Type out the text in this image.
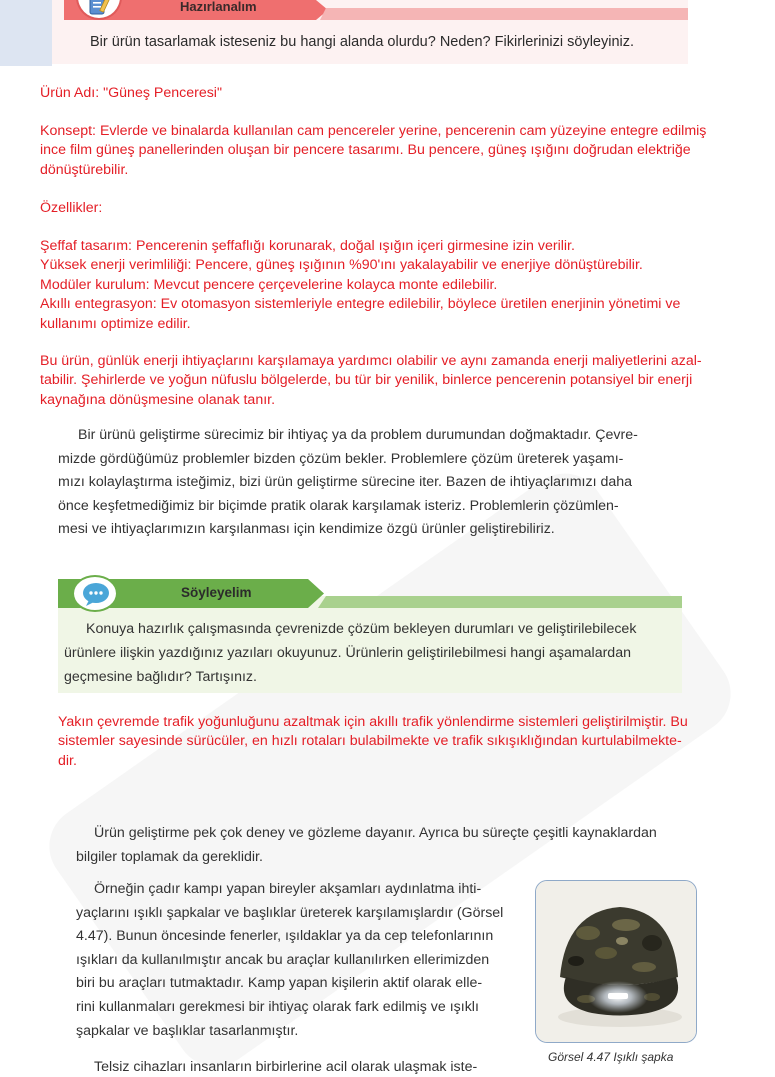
Hazırlanalım
Bir ürün tasarlamak isteseniz bu hangi alanda olurdu? Neden? Fikirlerinizi söyleyiniz.
Ürün Adı: "Güneş Penceresi"
Konsept: Evlerde ve binalarda kullanılan cam pencereler yerine, pencerenin cam yüzeyine entegre edilmiş
ince film güneş panellerinden oluşan bir pencere tasarımı. Bu pencere, güneş ışığını doğrudan elektriğe
dönüştürebilir.
Özellikler:
Şeffaf tasarım: Pencerenin şeffaflığı korunarak, doğal ışığın içeri girmesine izin verilir.
Yüksek enerji verimliliği: Pencere, güneş ışığının %90'ını yakalayabilir ve enerjiye dönüştürebilir.
Modüler kurulum: Mevcut pencere çerçevelerine kolayca monte edilebilir.
Akıllı entegrasyon: Ev otomasyon sistemleriyle entegre edilebilir, böylece üretilen enerjinin yönetimi ve
kullanımı optimize edilir.
Bu ürün, günlük enerji ihtiyaçlarını karşılamaya yardımcı olabilir ve aynı zamanda enerji maliyetlerini azal-
tabilir. Şehirlerde ve yoğun nüfuslu bölgelerde, bu tür bir yenilik, binlerce pencerenin potansiyel bir enerji
kaynağına dönüşmesine olanak tanır.
Bir ürünü geliştirme sürecimiz bir ihtiyaç ya da problem durumundan doğmaktadır. Çevre-
mizde gördüğümüz problemler bizden çözüm bekler. Problemlere çözüm üreterek yaşamı-
mızı kolaylaştırma isteğimiz, bizi ürün geliştirme sürecine iter. Bazen de ihtiyaçlarımızı daha
önce keşfetmediğimiz bir biçimde pratik olarak karşılamak isteriz. Problemlerin çözümlen-
mesi ve ihtiyaçlarımızın karşılanması için kendimize özgü ürünler geliştirebiliriz.
Söyleyelim
Konuya hazırlık çalışmasında çevrenizde çözüm bekleyen durumları ve geliştirilebilecek
ürünlere ilişkin yazdığınız yazıları okuyunuz. Ürünlerin geliştirilebilmesi hangi aşamalardan
geçmesine bağlıdır? Tartışınız.
Yakın çevremde trafik yoğunluğunu azaltmak için akıllı trafik yönlendirme sistemleri geliştirilmiştir. Bu
sistemler sayesinde sürücüler, en hızlı rotaları bulabilmekte ve trafik sıkışıklığından kurtulabilmekte-
dir.
Ürün geliştirme pek çok deney ve gözleme dayanır. Ayrıca bu süreçte çeşitli kaynaklardan
bilgiler toplamak da gereklidir.
Örneğin çadır kampı yapan bireyler akşamları aydınlatma ihti-
yaçlarını ışıklı şapkalar ve başlıklar üreterek karşılamışlardır (Görsel
4.47). Bunun öncesinde fenerler, ışıldaklar ya da cep telefonlarının
ışıkları da kullanılmıştır ancak bu araçlar kullanılırken ellerimizden
biri bu araçları tutmaktadır. Kamp yapan kişilerin aktif olarak elle-
rini kullanmaları gerekmesi bir ihtiyaç olarak fark edilmiş ve ışıklı
şapkalar ve başlıklar tasarlanmıştır.
Telsiz cihazları insanların birbirlerine acil olarak ulaşmak iste-
Görsel 4.47 Işıklı şapka
